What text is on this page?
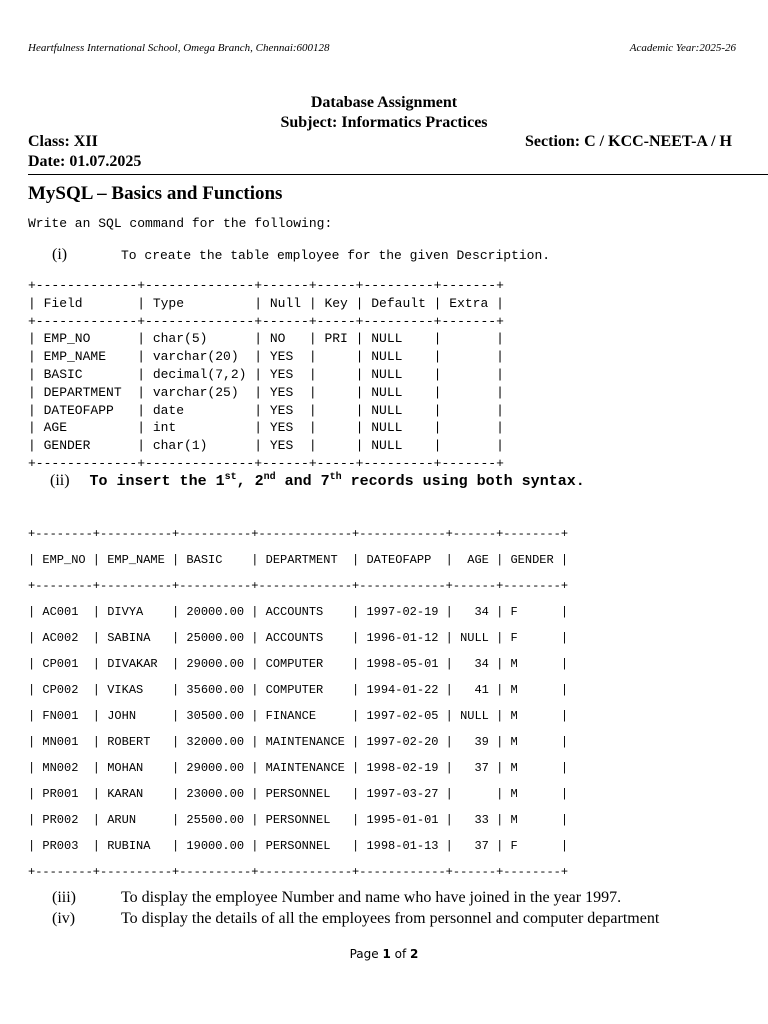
Heartfulness International School, Omega Branch, Chennai:600128	Academic Year:2025-26
Database Assignment
Subject: Informatics Practices
Class: XII	Section: C / KCC-NEET-A / H
Date: 01.07.2025
MySQL – Basics and Functions
Write an SQL command for the following:
(i)	To create the table employee for the given Description.
+-------------+--------------+------+-----+---------+-------+
| Field       | Type         | Null | Key | Default | Extra |
+-------------+--------------+------+-----+---------+-------+
| EMP_NO      | char(5)      | NO   | PRI | NULL    |       |
| EMP_NAME    | varchar(20)  | YES  |     | NULL    |       |
| BASIC       | decimal(7,2) | YES  |     | NULL    |       |
| DEPARTMENT  | varchar(25)  | YES  |     | NULL    |       |
| DATEOFAPP   | date         | YES  |     | NULL    |       |
| AGE         | int          | YES  |     | NULL    |       |
| GENDER      | char(1)      | YES  |     | NULL    |       |
+-------------+--------------+------+-----+---------+-------+

(ii) To insert the 1st, 2nd and 7th records using both syntax.
+--------+----------+----------+-------------+------------+------+--------+
| EMP_NO | EMP_NAME | BASIC    | DEPARTMENT  | DATEOFAPP  |  AGE | GENDER |
+--------+----------+----------+-------------+------------+------+--------+
| AC001  | DIVYA    | 20000.00 | ACCOUNTS    | 1997-02-19 |   34 | F      |
| AC002  | SABINA   | 25000.00 | ACCOUNTS    | 1996-01-12 | NULL | F      |
| CP001  | DIVAKAR  | 29000.00 | COMPUTER    | 1998-05-01 |   34 | M      |
| CP002  | VIKAS    | 35600.00 | COMPUTER    | 1994-01-22 |   41 | M      |
| FN001  | JOHN     | 30500.00 | FINANCE     | 1997-02-05 | NULL | M      |
| MN001  | ROBERT   | 32000.00 | MAINTENANCE | 1997-02-20 |   39 | M      |
| MN002  | MOHAN    | 29000.00 | MAINTENANCE | 1998-02-19 |   37 | M      |
| PR001  | KARAN    | 23000.00 | PERSONNEL   | 1997-03-27 |      | M      |
| PR002  | ARUN     | 25500.00 | PERSONNEL   | 1995-01-01 |   33 | M      |
| PR003  | RUBINA   | 19000.00 | PERSONNEL   | 1998-01-13 |   37 | F      |
+--------+----------+----------+-------------+------------+------+--------+

(iii)	To display the employee Number and name who have joined in the year 1997.
(iv)	To display the details of all the employees from personnel and computer department
Page 1 of 2
